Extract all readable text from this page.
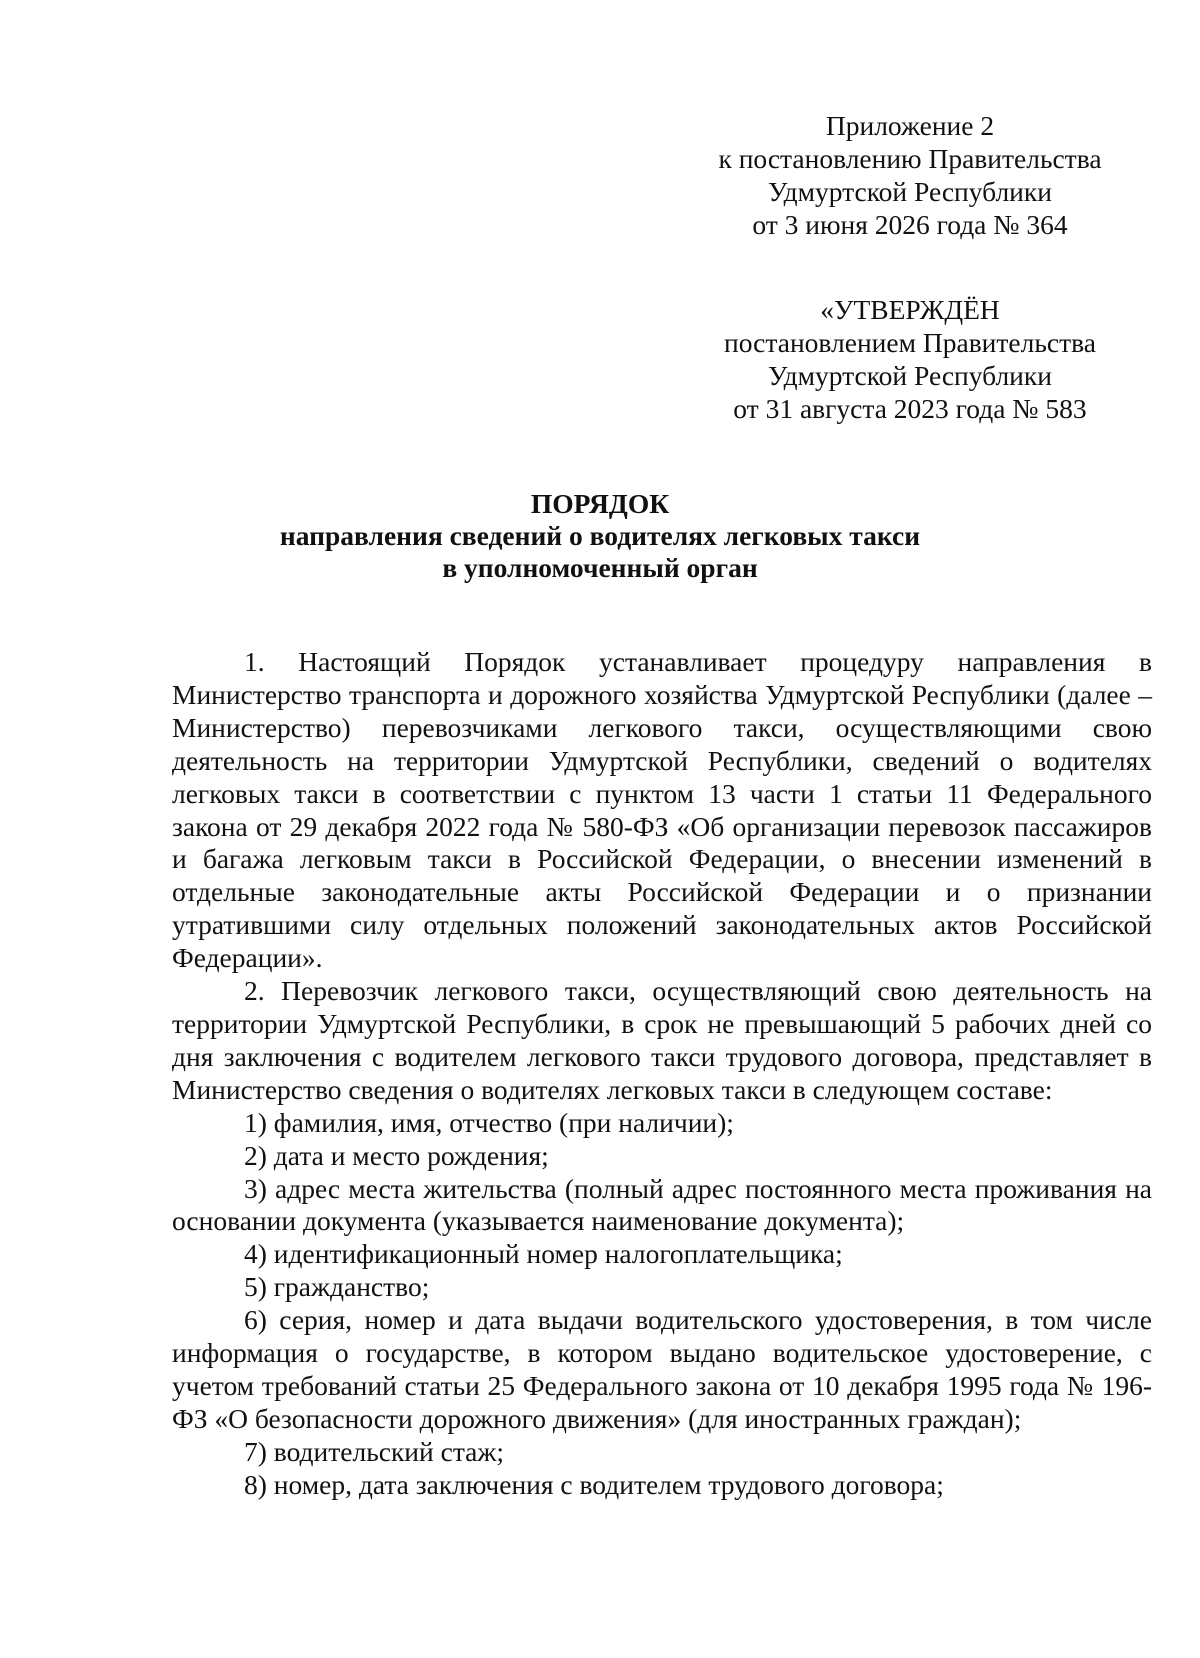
Приложение 2
к постановлению Правительства
Удмуртской Республики
от 3 июня 2026 года № 364
«УТВЕРЖДЁН
постановлением Правительства
Удмуртской Республики
от 31 августа 2023 года № 583
ПОРЯДОК
направления сведений о водителях легковых такси
в уполномоченный орган

1. Настоящий Порядок устанавливает процедуру направления в Министерство транспорта и дорожного хозяйства Удмуртской Республики (далее – Министерство) перевозчиками легкового такси, осуществляющими свою деятельность на территории Удмуртской Республики, сведений о водителях легковых такси в соответствии с пунктом 13 части 1 статьи 11 Федерального закона от 29 декабря 2022 года № 580-ФЗ «Об организации перевозок пассажиров и багажа легковым такси в Российской Федерации, о внесении изменений в отдельные законодательные акты Российской Федерации и о признании утратившими силу отдельных положений законодательных актов Российской Федерации».

2. Перевозчик легкового такси, осуществляющий свою деятельность на территории Удмуртской Республики, в срок не превышающий 5 рабочих дней со дня заключения с водителем легкового такси трудового договора, представляет в Министерство сведения о водителях легковых такси в следующем составе:

1) фамилия, имя, отчество (при наличии);

2) дата и место рождения;

3) адрес места жительства (полный адрес постоянного места проживания на основании документа (указывается наименование документа);

4) идентификационный номер налогоплательщика;

5) гражданство;

6) серия, номер и дата выдачи водительского удостоверения, в том числе информация о государстве, в котором выдано водительское удостоверение, с учетом требований статьи 25 Федерального закона от 10 декабря 1995 года № 196-ФЗ «О безопасности дорожного движения» (для иностранных граждан);

7) водительский стаж;

8) номер, дата заключения с водителем трудового договора;
